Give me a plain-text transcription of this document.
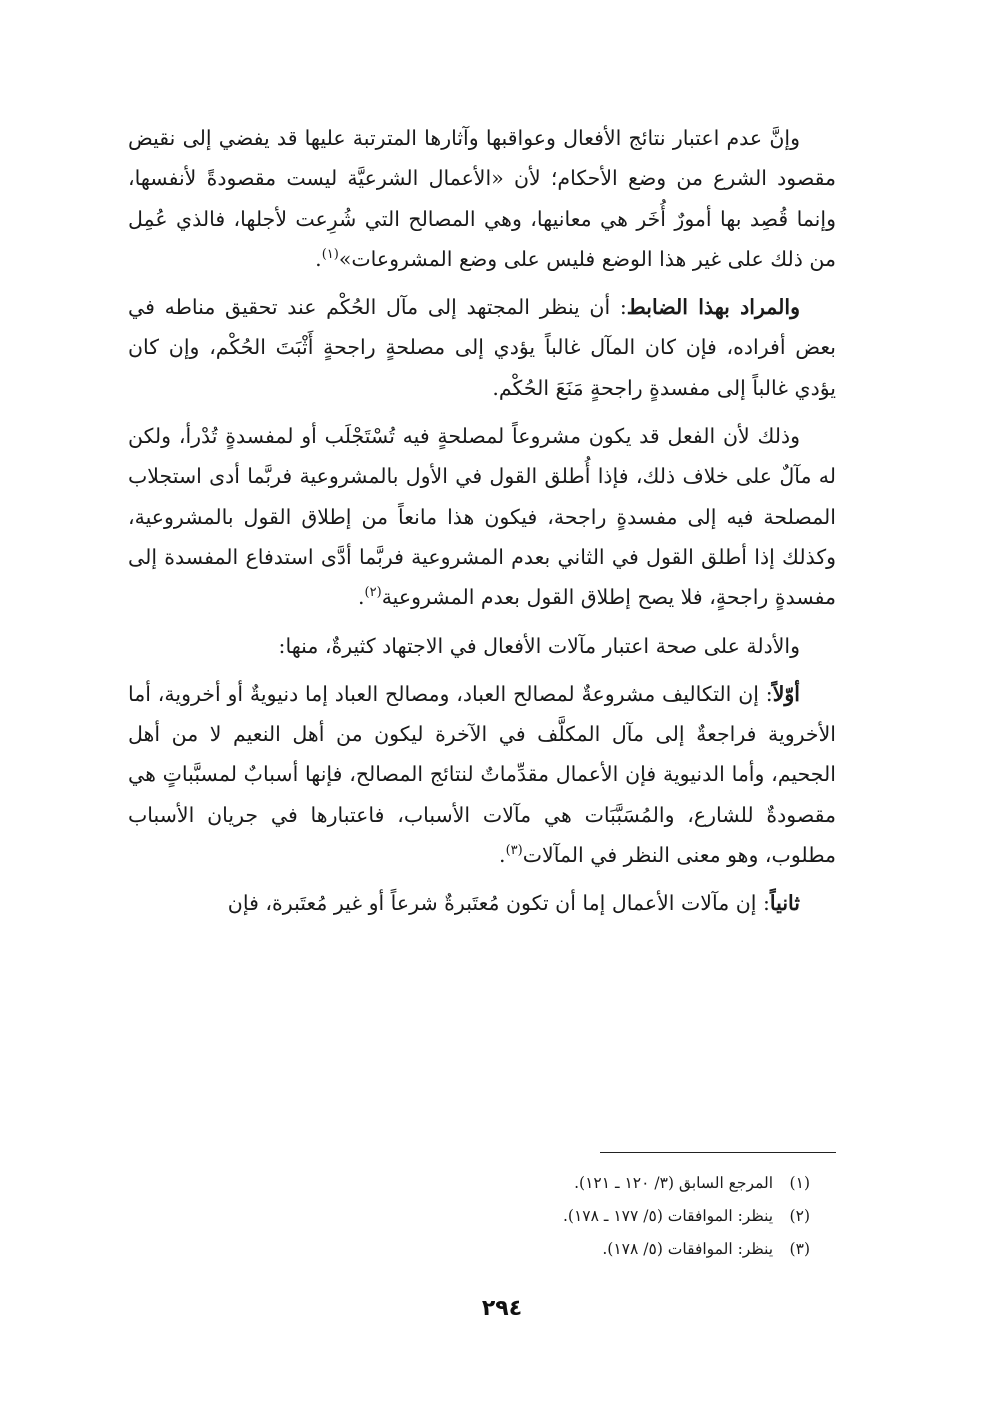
وإنَّ عدم اعتبار نتائج الأفعال وعواقبها وآثارها المترتبة عليها قد يفضي إلى نقيض مقصود الشرع من وضع الأحكام؛ لأن «الأعمال الشرعيَّة ليست مقصودةً لأنفسها، وإنما قُصِد بها أمورٌ أُخَر هي معانيها، وهي المصالح التي شُرِعت لأجلها، فالذي عُمِل من ذلك على غير هذا الوضع فليس على وضع المشروعات»$^{(١)}$.

والمراد بهذا الضابط: أن ينظر المجتهد إلى مآل الحُكْم عند تحقيق مناطه في بعض أفراده، فإن كان المآل غالباً يؤدي إلى مصلحةٍ راجحةٍ أَثْبَتَ الحُكْم، وإن كان يؤدي غالباً إلى مفسدةٍ راجحةٍ مَنَعَ الحُكْم.

وذلك لأن الفعل قد يكون مشروعاً لمصلحةٍ فيه تُسْتَجْلَب أو لمفسدةٍ تُدْرأ، ولكن له مآلٌ على خلاف ذلك، فإذا أُطلق القول في الأول بالمشروعية فربَّما أدى استجلاب المصلحة فيه إلى مفسدةٍ راجحة، فيكون هذا مانعاً من إطلاق القول بالمشروعية، وكذلك إذا أطلق القول في الثاني بعدم المشروعية فربَّما أدَّى استدفاع المفسدة إلى مفسدةٍ راجحةٍ، فلا يصح إطلاق القول بعدم المشروعية$^{(٢)}$.

والأدلة على صحة اعتبار مآلات الأفعال في الاجتهاد كثيرةٌ، منها:

أوّلاً: إن التكاليف مشروعةٌ لمصالح العباد، ومصالح العباد إما دنيويةٌ أو أخروية، أما الأخروية فراجعةٌ إلى مآل المكلَّف في الآخرة ليكون من أهل النعيم لا من أهل الجحيم، وأما الدنيوية فإن الأعمال مقدِّماتٌ لنتائج المصالح، فإنها أسبابٌ لمسبَّباتٍ هي مقصودةٌ للشارع، والمُسَبَّبَات هي مآلات الأسباب، فاعتبارها في جريان الأسباب مطلوب، وهو معنى النظر في المآلات$^{(٣)}$.

ثانياً: إن مآلات الأعمال إما أن تكون مُعتَبرةٌ شرعاً أو غير مُعتَبرة، فإن

(١) المرجع السابق (٣/ ١٢٠ ـ ١٢١).
(٢) ينظر: الموافقات (٥/ ١٧٧ ـ ١٧٨).
(٣) ينظر: الموافقات (٥/ ١٧٨).
٢٩٤
